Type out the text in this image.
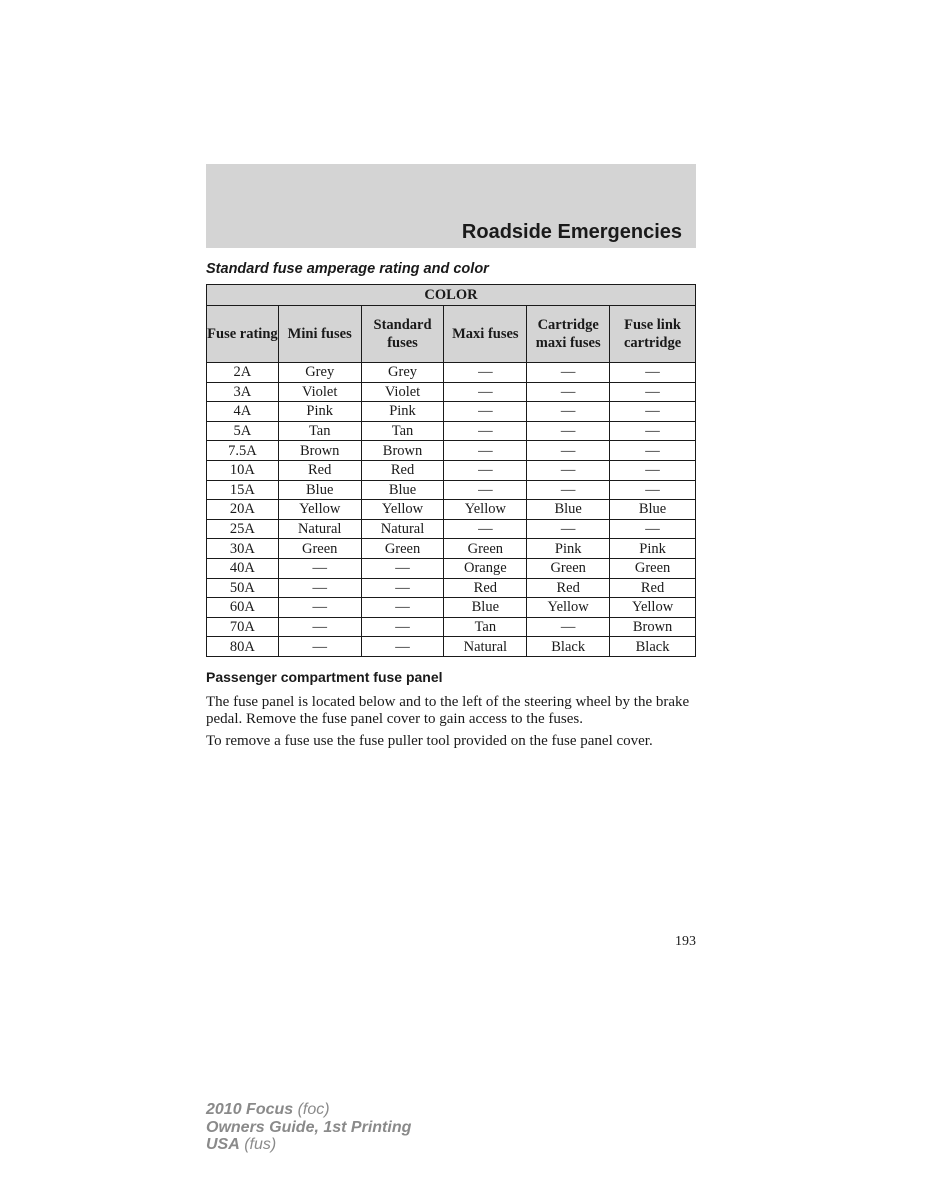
Roadside Emergencies
Standard fuse amperage rating and color
COLOR					
Fuse rating	Mini fuses	Standard fuses	Maxi fuses	Cartridge maxi fuses	Fuse link cartridge
2A	Grey	Grey	—	—	—
3A	Violet	Violet	—	—	—
4A	Pink	Pink	—	—	—
5A	Tan	Tan	—	—	—
7.5A	Brown	Brown	—	—	—
10A	Red	Red	—	—	—
15A	Blue	Blue	—	—	—
20A	Yellow	Yellow	Yellow	Blue	Blue
25A	Natural	Natural	—	—	—
30A	Green	Green	Green	Pink	Pink
40A	—	—	Orange	Green	Green
50A	—	—	Red	Red	Red
60A	—	—	Blue	Yellow	Yellow
70A	—	—	Tan	—	Brown
80A	—	—	Natural	Black	Black
Passenger compartment fuse panel

The fuse panel is located below and to the left of the steering wheel by the brake pedal. Remove the fuse panel cover to gain access to the fuses.

To remove a fuse use the fuse puller tool provided on the fuse panel cover.

193
2010 Focus (foc)
Owners Guide, 1st Printing
USA (fus)
